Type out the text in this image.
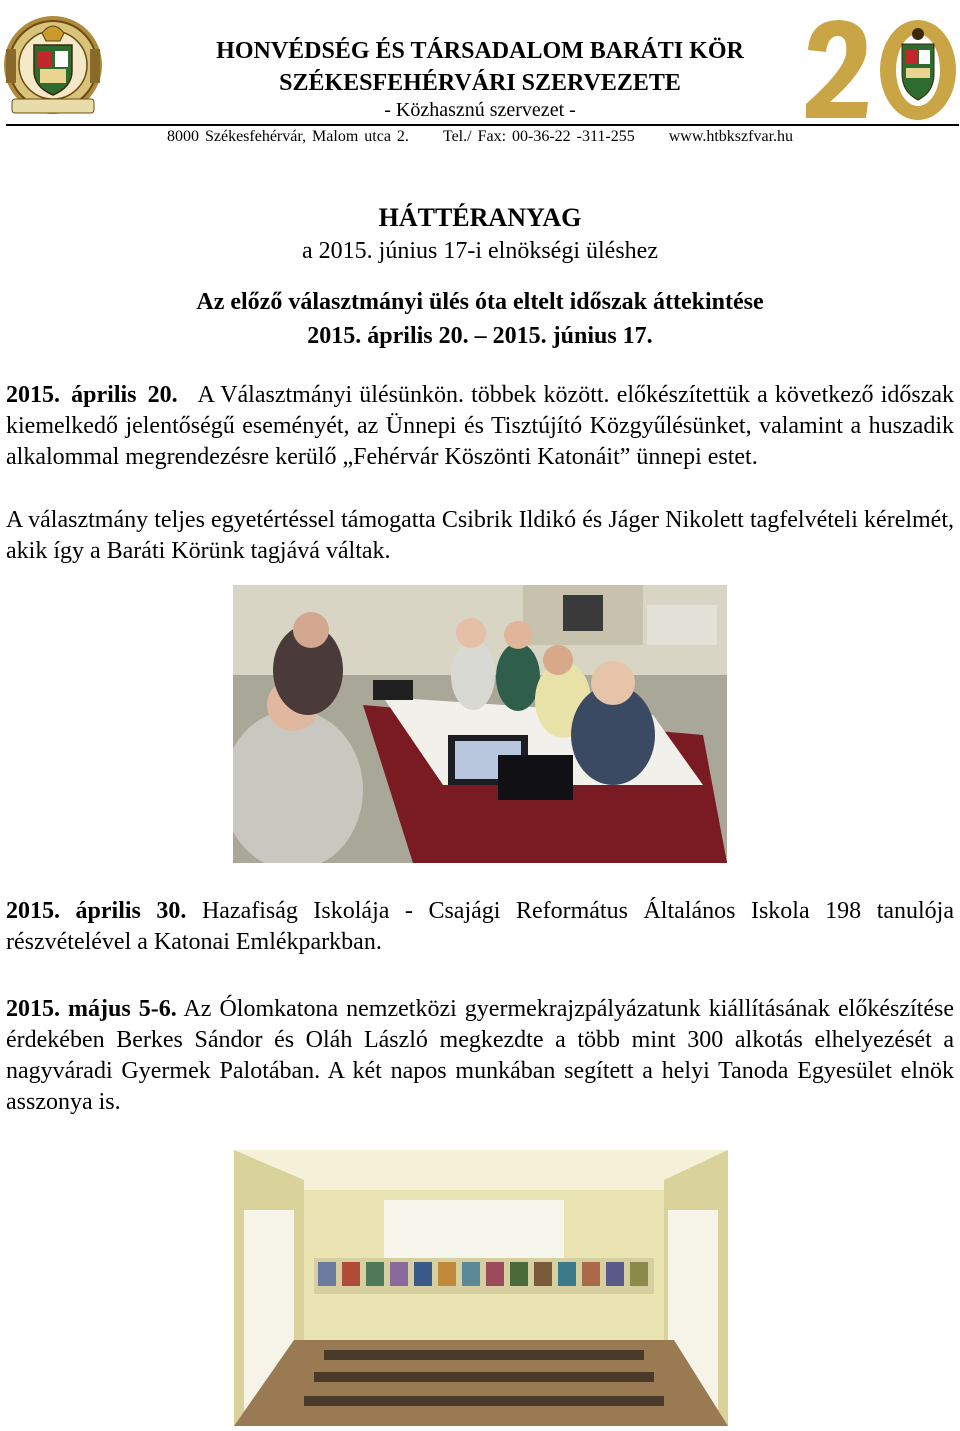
HONVÉDSÉG ÉS TÁRSADALOM BARÁTI KÖR
SZÉKESFEHÉRVÁRI SZERVEZETE
- Közhasznú szervezet -
8000 Székesfehérvár, Malom utca 2. Tel./ Fax: 00-36-22 -311-255 www.htbkszfvar.hu
HÁTTÉRANYAG
a 2015. június 17-i elnökségi üléshez
Az előző választmányi ülés óta eltelt időszak áttekintése
2015. április 20. – 2015. június 17.
2015. április 20. A Választmányi ülésünkön. többek között. előkészítettük a következő időszak kiemelkedő jelentőségű eseményét, az Ünnepi és Tisztújító Közgyűlésünket, valamint a huszadik alkalommal megrendezésre kerülő „Fehérvár Köszönti Katonáit” ünnepi estet.
A választmány teljes egyetértéssel támogatta Csibrik Ildikó és Jáger Nikolett tagfelvételi kérelmét, akik így a Baráti Körünk tagjává váltak.
2015. április 30. Hazafiság Iskolája - Csajági Református Általános Iskola 198 tanulója részvételével a Katonai Emlékparkban.
2015. május 5-6. Az Ólomkatona nemzetközi gyermekrajzpályázatunk kiállításának előkészítése érdekében Berkes Sándor és Oláh László megkezdte a több mint 300 alkotás elhelyezését a nagyváradi Gyermek Palotában. A két napos munkában segített a helyi Tanoda Egyesület elnök asszonya is.
